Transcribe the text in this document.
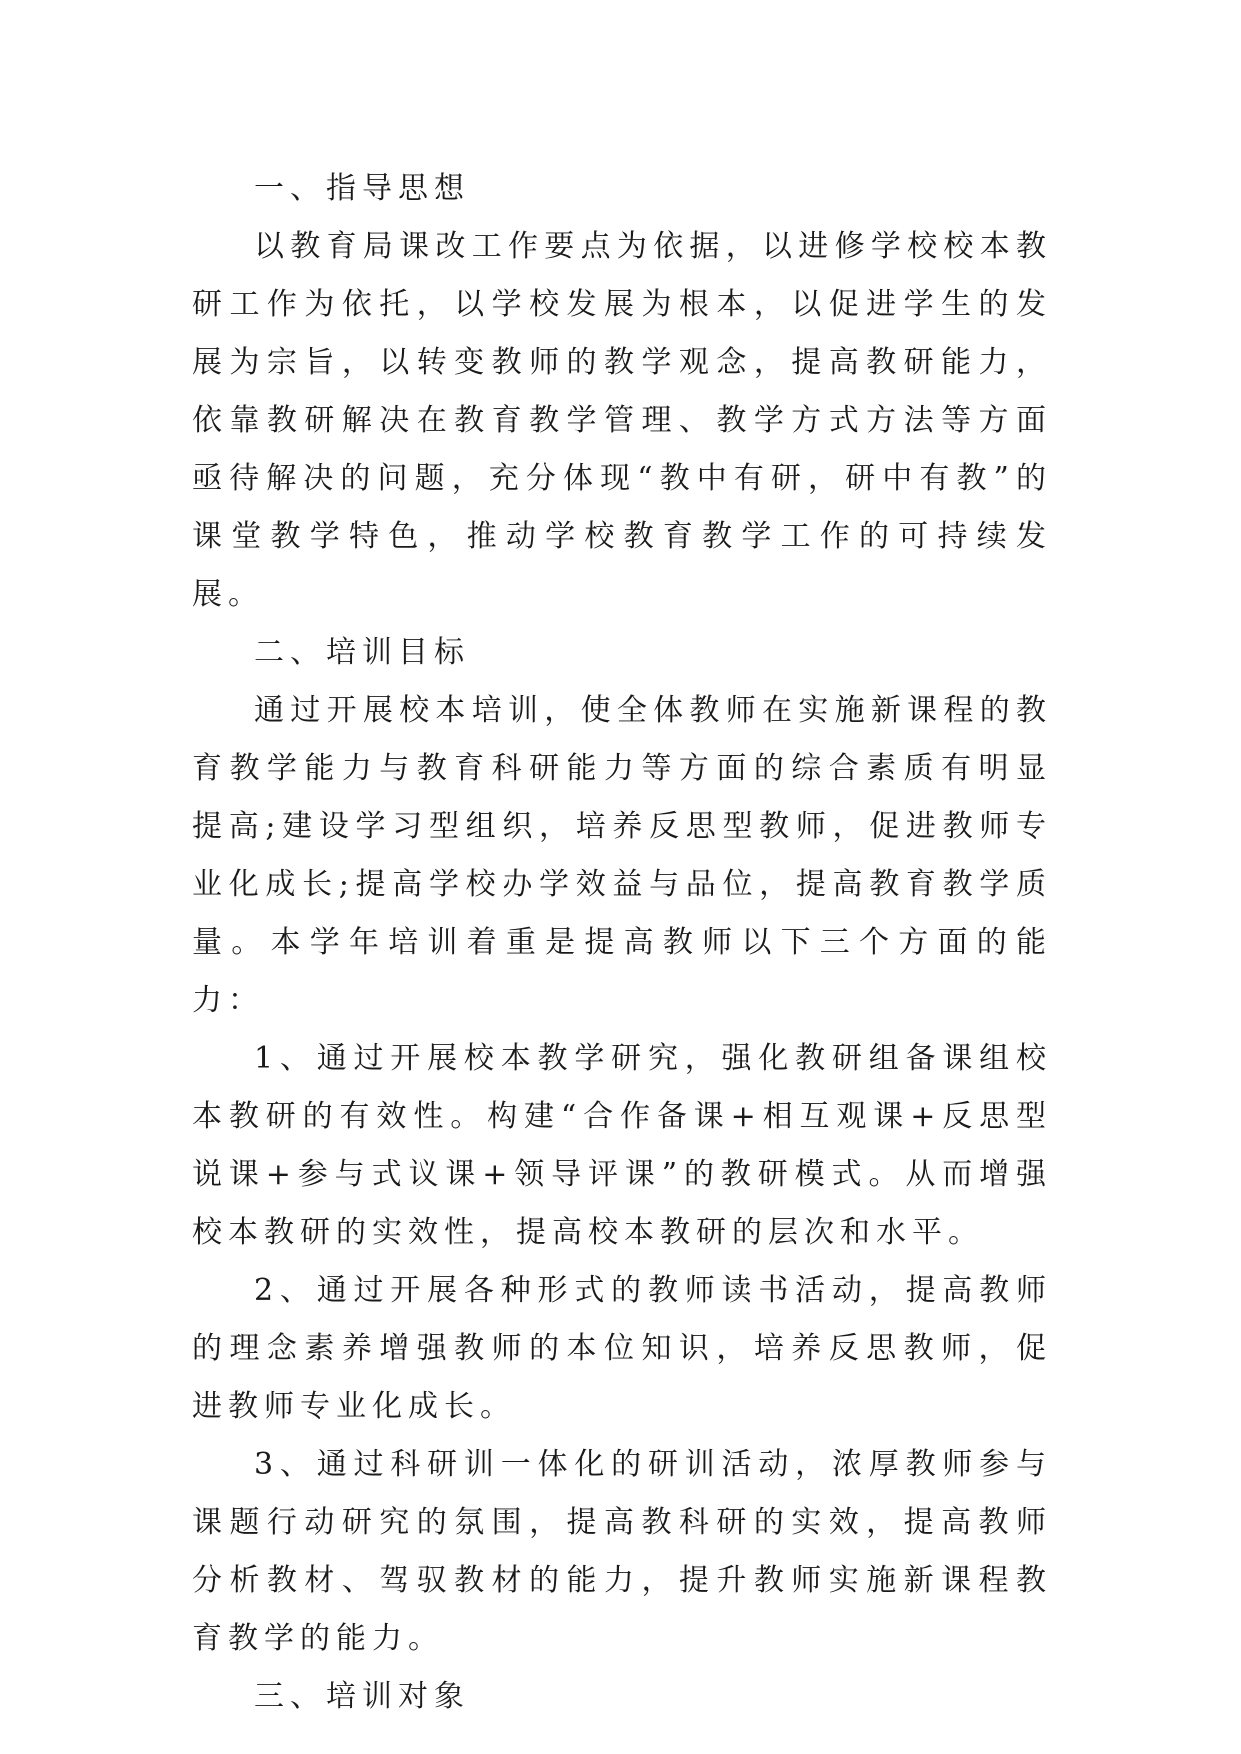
一、指导思想

以教育局课改工作要点为依据，以进修学校校本教研工作为依托，以学校发展为根本，以促进学生的发展为宗旨，以转变教师的教学观念，提高教研能力，依靠教研解决在教育教学管理、教学方式方法等方面亟待解决的问题，充分体现“教中有研，研中有教”的课堂教学特色，推动学校教育教学工作的可持续发展。

二、培训目标

通过开展校本培训，使全体教师在实施新课程的教育教学能力与教育科研能力等方面的综合素质有明显提高;建设学习型组织，培养反思型教师，促进教师专业化成长;提高学校办学效益与品位，提高教育教学质量。本学年培训着重是提高教师以下三个方面的能力：

1、通过开展校本教学研究，强化教研组备课组校本教研的有效性。构建“合作备课+相互观课+反思型说课+参与式议课+领导评课”的教研模式。从而增强校本教研的实效性，提高校本教研的层次和水平。

2、通过开展各种形式的教师读书活动，提高教师的理念素养增强教师的本位知识，培养反思教师，促进教师专业化成长。

3、通过科研训一体化的研训活动，浓厚教师参与课题行动研究的氛围，提高教科研的实效，提高教师分析教材、驾驭教材的能力，提升教师实施新课程教育教学的能力。

三、培训对象
